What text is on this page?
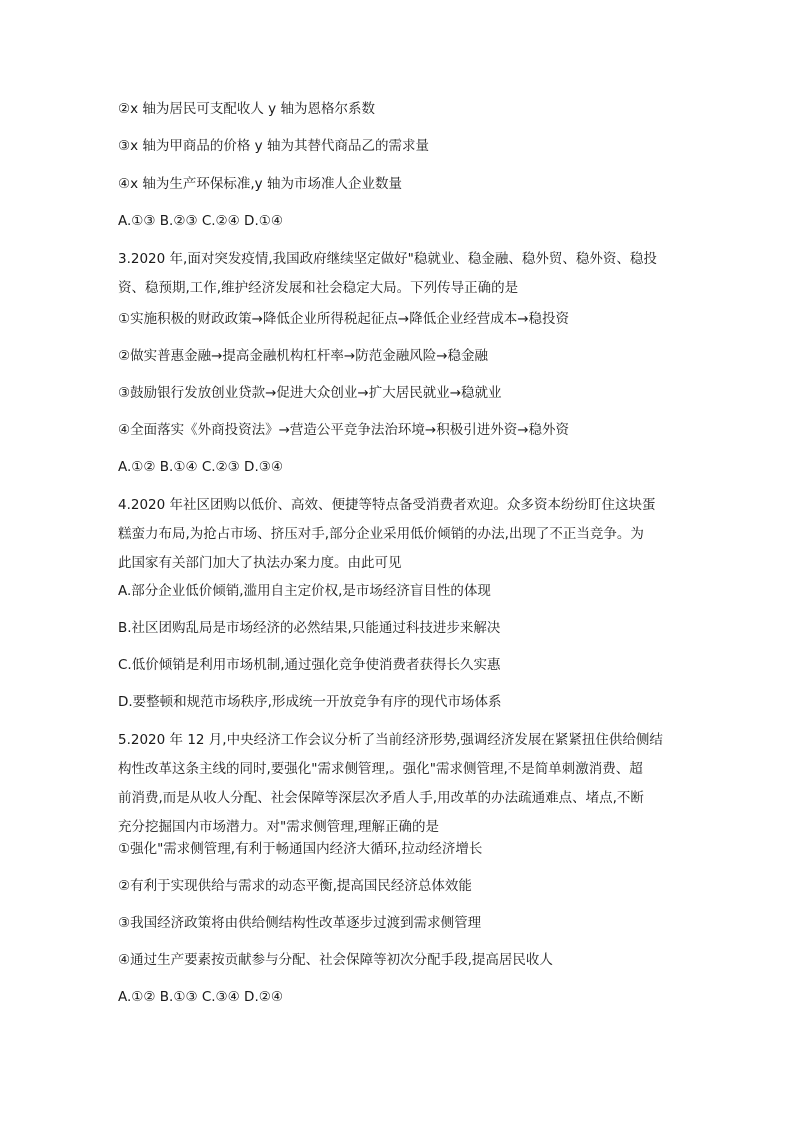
②x 轴为居民可支配收人 y 轴为恩格尔系数
③x 轴为甲商品的价格 y 轴为其替代商品乙的需求量
④x 轴为生产环保标准,y 轴为市场准人企业数量
A.①③ B.②③ C.②④ D.①④
3.2020 年,面对突发疫情,我国政府继续坚定做好"稳就业、稳金融、稳外贸、稳外资、稳投
资、稳预期,工作,维护经济发展和社会稳定大局。下列传导正确的是
①实施积极的财政政策→降低企业所得税起征点→降低企业经营成本→稳投资
②做实普惠金融→提高金融机构杠杆率→防范金融风险→稳金融
③鼓励银行发放创业贷款→促进大众创业→扩大居民就业→稳就业
④全面落实《外商投资法》→营造公平竞争法治环境→积极引进外资→稳外资
A.①② B.①④ C.②③ D.③④
4.2020 年社区团购以低价、高效、便捷等特点备受消费者欢迎。众多资本纷纷盯住这块蛋
糕蛮力布局,为抢占市场、挤压对手,部分企业采用低价倾销的办法,出现了不正当竞争。为
此国家有关部门加大了执法办案力度。由此可见
A.部分企业低价倾销,滥用自主定价权,是市场经济盲目性的体现
B.社区团购乱局是市场经济的必然结果,只能通过科技进步来解决
C.低价倾销是利用市场机制,通过强化竞争使消费者获得长久实惠
D.要整顿和规范市场秩序,形成统一开放竞争有序的现代市场体系
5.2020 年 12 月,中央经济工作会议分析了当前经济形势,强调经济发展在紧紧扭住供给侧结
构性改革这条主线的同时,要强化"需求侧管理,。强化"需求侧管理,不是简单刺激消费、超
前消费,而是从收人分配、社会保障等深层次矛盾人手,用改革的办法疏通难点、堵点,不断
充分挖掘国内市场潜力。对"需求侧管理,理解正确的是
①强化"需求侧管理,有利于畅通国内经济大循环,拉动经济增长
②有利于实现供给与需求的动态平衡,提高国民经济总体效能
③我国经济政策将由供给侧结构性改革逐步过渡到需求侧管理
④通过生产要素按贡献参与分配、社会保障等初次分配手段,提高居民收人
A.①② B.①③ C.③④ D.②④
